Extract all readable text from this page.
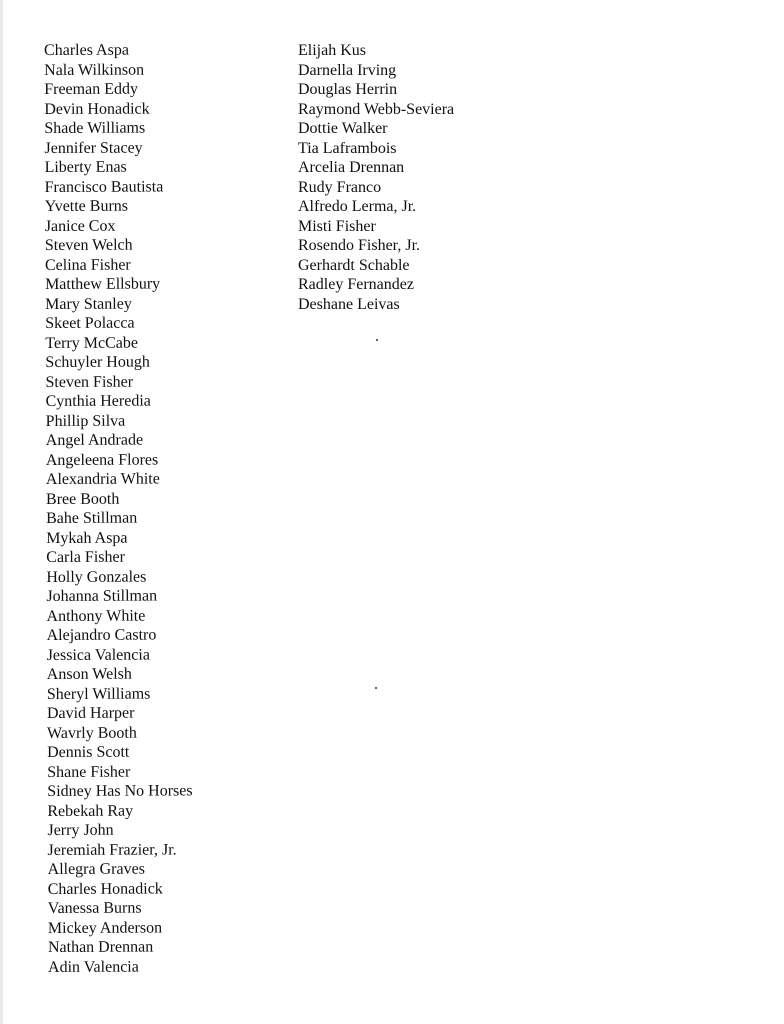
Charles Aspa
Nala Wilkinson
Freeman Eddy
Devin Honadick
Shade Williams
Jennifer Stacey
Liberty Enas
Francisco Bautista
Yvette Burns
Janice Cox
Steven Welch
Celina Fisher
Matthew Ellsbury
Mary Stanley
Skeet Polacca
Terry McCabe
Schuyler Hough
Steven Fisher
Cynthia Heredia
Phillip Silva
Angel Andrade
Angeleena Flores
Alexandria White
Bree Booth
Bahe Stillman
Mykah Aspa
Carla Fisher
Holly Gonzales
Johanna Stillman
Anthony White
Alejandro Castro
Jessica Valencia
Anson Welsh
Sheryl Williams
David Harper
Wavrly Booth
Dennis Scott
Shane Fisher
Sidney Has No Horses
Rebekah Ray
Jerry John
Jeremiah Frazier, Jr.
Allegra Graves
Charles Honadick
Vanessa Burns
Mickey Anderson
Nathan Drennan
Adin Valencia
Elijah Kus
Darnella Irving
Douglas Herrin
Raymond Webb-Seviera
Dottie Walker
Tia Laframbois
Arcelia Drennan
Rudy Franco
Alfredo Lerma, Jr.
Misti Fisher
Rosendo Fisher, Jr.
Gerhardt Schable
Radley Fernandez
Deshane Leivas
